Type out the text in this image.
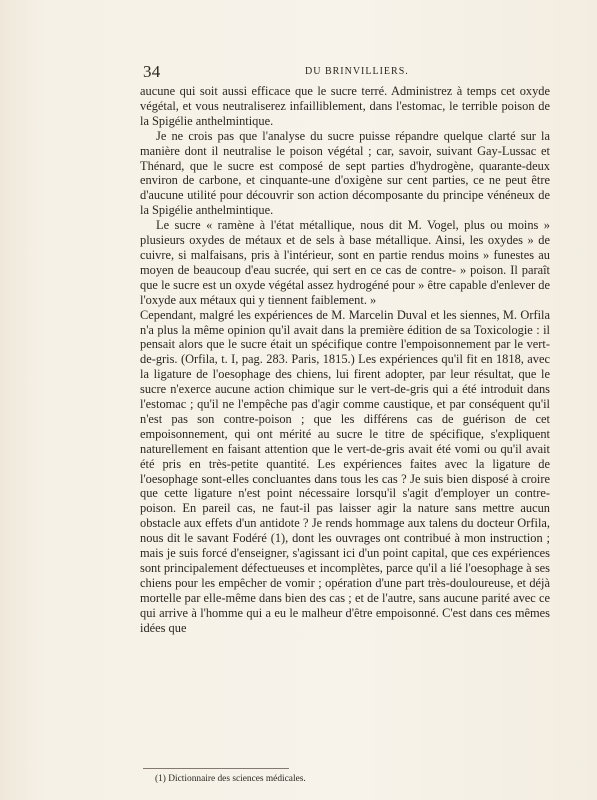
34	DU BRINVILLIERS.

aucune qui soit aussi efficace que le sucre terré. Administrez à temps cet oxyde végétal, et vous neutraliserez infailliblement, dans l'estomac, le terrible poison de la Spigélie anthelmintique.

Je ne crois pas que l'analyse du sucre puisse répandre quelque clarté sur la manière dont il neutralise le poison végétal ; car, savoir, suivant Gay-Lussac et Thénard, que le sucre est composé de sept parties d'hydrogène, quarante-deux environ de carbone, et cinquante-une d'oxigène sur cent parties, ce ne peut être d'aucune utilité pour découvrir son action décomposante du principe vénéneux de la Spigélie anthelmintique.

Le sucre « ramène à l'état métallique, nous dit M. Vogel, plus ou moins » plusieurs oxydes de métaux et de sels à base métallique. Ainsi, les oxydes » de cuivre, si malfaisans, pris à l'intérieur, sont en partie rendus moins » funestes au moyen de beaucoup d'eau sucrée, qui sert en ce cas de contre- » poison. Il paraît que le sucre est un oxyde végétal assez hydrogéné pour » être capable d'enlever de l'oxyde aux métaux qui y tiennent faiblement. »

Cependant, malgré les expériences de M. Marcelin Duval et les siennes, M. Orfila n'a plus la même opinion qu'il avait dans la première édition de sa Toxicologie : il pensait alors que le sucre était un spécifique contre l'empoisonnement par le vert-de-gris. (Orfila, t. I, pag. 283. Paris, 1815.) Les expériences qu'il fit en 1818, avec la ligature de l'oesophage des chiens, lui firent adopter, par leur résultat, que le sucre n'exerce aucune action chimique sur le vert-de-gris qui a été introduit dans l'estomac ; qu'il ne l'empêche pas d'agir comme caustique, et par conséquent qu'il n'est pas son contre-poison ; que les différens cas de guérison de cet empoisonnement, qui ont mérité au sucre le titre de spécifique, s'expliquent naturellement en faisant attention que le vert-de-gris avait été vomi ou qu'il avait été pris en très-petite quantité. Les expériences faites avec la ligature de l'oesophage sont-elles concluantes dans tous les cas ? Je suis bien disposé à croire que cette ligature n'est point nécessaire lorsqu'il s'agit d'employer un contre-poison. En pareil cas, ne faut-il pas laisser agir la nature sans mettre aucun obstacle aux effets d'un antidote ? Je rends hommage aux talens du docteur Orfila, nous dit le savant Fodéré (1), dont les ouvrages ont contribué à mon instruction ; mais je suis forcé d'enseigner, s'agissant ici d'un point capital, que ces expériences sont principalement défectueuses et incomplètes, parce qu'il a lié l'oesophage à ses chiens pour les empêcher de vomir ; opération d'une part très-douloureuse, et déjà mortelle par elle-même dans bien des cas ; et de l'autre, sans aucune parité avec ce qui arrive à l'homme qui a eu le malheur d'être empoisonné. C'est dans ces mêmes idées que

(1) Dictionnaire des sciences médicales.
